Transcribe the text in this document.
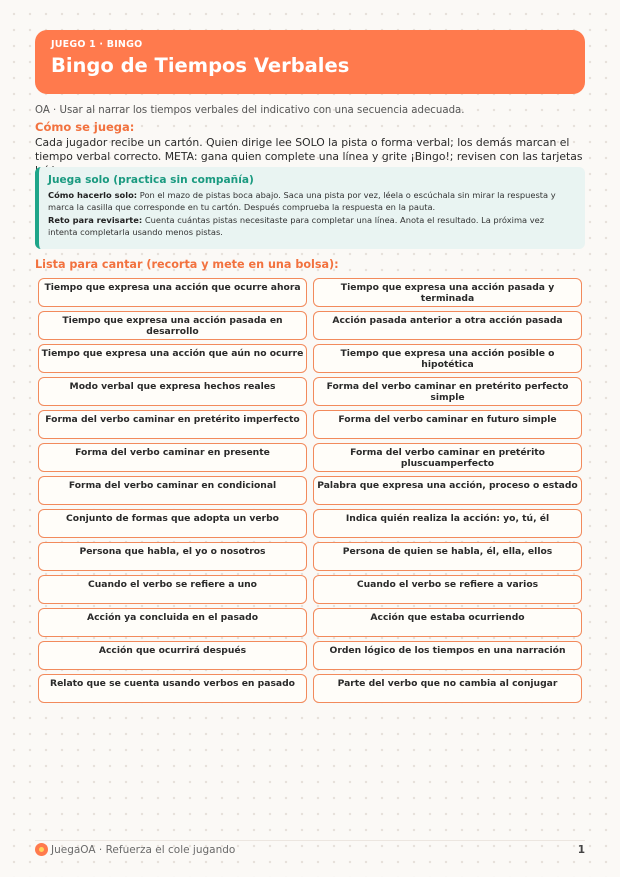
JUEGO 1 · BINGO
Bingo de Tiempos Verbales
OA · Usar al narrar los tiempos verbales del indicativo con una secuencia adecuada.
Cómo se juega:
Cada jugador recibe un cartón. Quien dirige lee SOLO la pista o forma verbal; los demás marcan el tiempo verbal correcto. META: gana quien complete una línea y grite ¡Bingo!; revisen con las tarjetas
Juega solo (practica sin compañía)

Cómo hacerlo solo: Pon el mazo de pistas boca abajo. Saca una pista por vez, léela o escúchala sin mirar la respuesta y marca la casilla que corresponde en tu cartón. Después comprueba la respuesta en la pauta.

Reto para revisarte: Cuenta cuántas pistas necesitaste para completar una línea. Anota el resultado. La próxima vez intenta completarla usando menos pistas.

Lista para cantar (recorta y mete en una bolsa):
Tiempo que expresa una acción que ocurre ahora	Tiempo que expresa una acción pasada y terminada
Tiempo que expresa una acción pasada en desarrollo
Acción pasada anterior a otra acción pasada
Tiempo que expresa una acción que aún no ocurre	Tiempo que expresa una acción posible o hipotética
Modo verbal que expresa hechos reales	Forma del verbo caminar en pretérito perfecto simple
Forma del verbo caminar en pretérito imperfecto	Forma del verbo caminar en futuro simple
Forma del verbo caminar en presente	Forma del verbo caminar en pretérito pluscuamperfecto
Forma del verbo caminar en condicional	Palabra que expresa una acción, proceso o estado
Conjunto de formas que adopta un verbo	Indica quién realiza la acción: yo, tú, él
Persona que habla, el yo o nosotros	Persona de quien se habla, él, ella, ellos
Cuando el verbo se refiere a uno	Cuando el verbo se refiere a varios
Acción ya concluida en el pasado	Acción que estaba ocurriendo
Acción que ocurrirá después	Orden lógico de los tiempos en una narración
Relato que se cuenta usando verbos en pasado	Parte del verbo que no cambia al conjugar
JuegaOA · Refuerza el cole jugando	1
